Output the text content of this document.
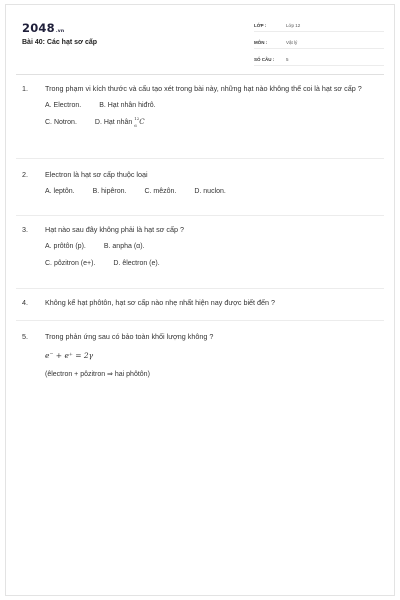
2048.vn
Bài 40: Các hạt sơ cấp
LỚP :	Lớp 12
MÔN :	Vật lý
SỐ CÂU :	5
1. Trong phạm vi kích thước và cấu tạo xét trong bài này, những hạt nào không thể coi là hạt sơ cấp ?
A. Electron.	B. Hạt nhân hiđrô.
C. Notron.	D. Hạt nhân
12
6 C
2. Electron là hạt sơ cấp thuộc loại
A. leptôn.	B. hipêron.	C. mêzôn.	D. nuclon.
3. Hạt nào sau đây không phải là hạt sơ cấp ?
A. prôtôn (p).	B. anpha (α).
C. pôzitron (e+).	D. êlectron (e).
4. Không kể hạt phôtôn, hạt sơ cấp nào nhẹ nhất hiện nay được biết đến ?
5. Trong phản ứng sau có bảo toàn khối lượng không ?
e⁻ + e⁺ = 2γ
(êlectron + pôzitron ⇒ hai phôtôn)
